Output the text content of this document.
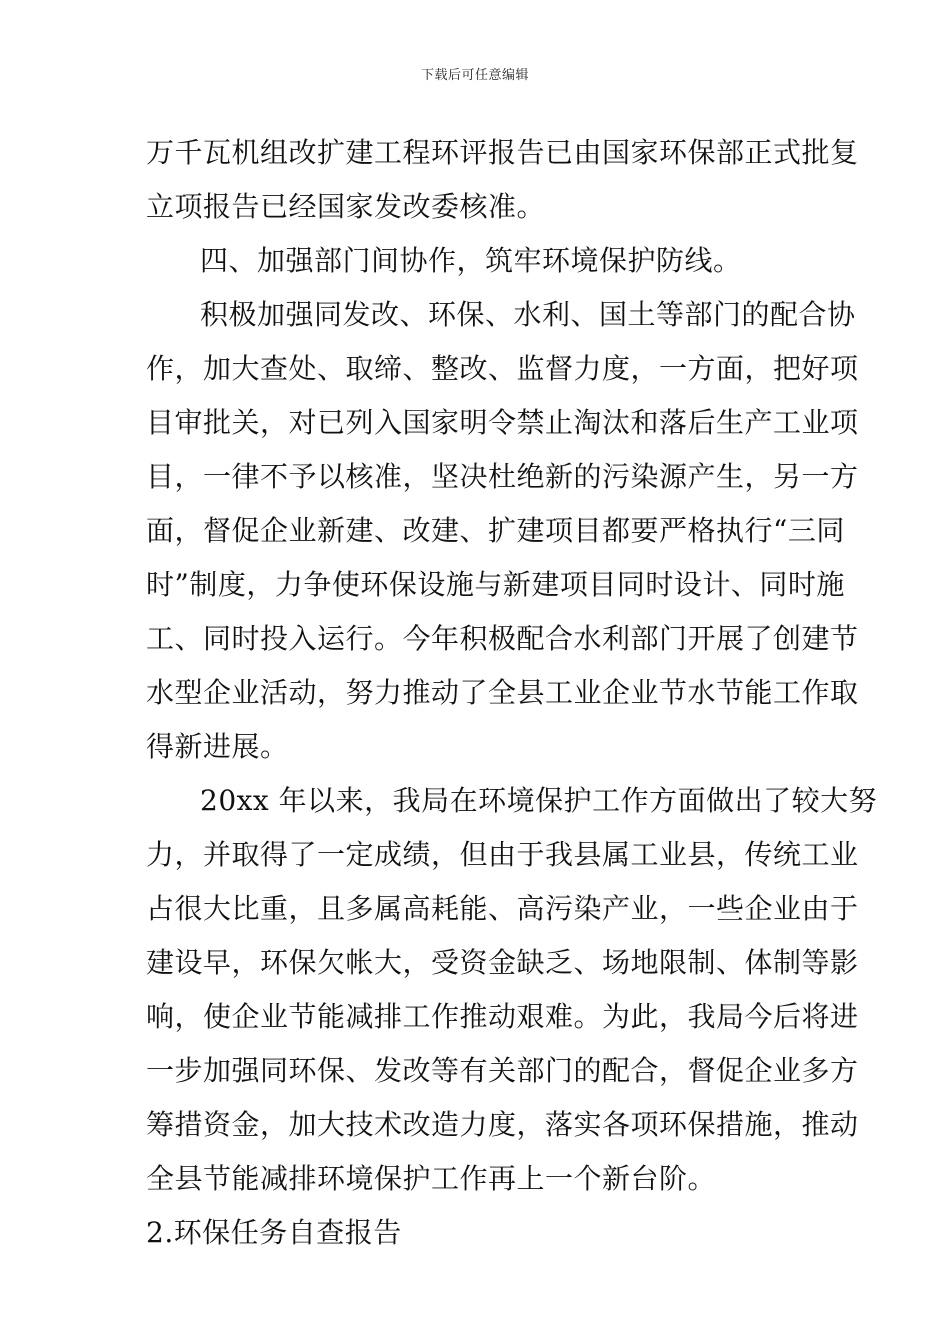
下载后可任意编辑
万千瓦机组改扩建工程环评报告已由国家环保部正式批复
立项报告已经国家发改委核准。
四、加强部门间协作，筑牢环境保护防线。
积极加强同发改、环保、水利、国土等部门的配合协
作，加大查处、取缔、整改、监督力度，一方面，把好项
目审批关，对已列入国家明令禁止淘汰和落后生产工业项
目，一律不予以核准，坚决杜绝新的污染源产生，另一方
面，督促企业新建、改建、扩建项目都要严格执行“三同
时”制度，力争使环保设施与新建项目同时设计、同时施
工、同时投入运行。今年积极配合水利部门开展了创建节
水型企业活动，努力推动了全县工业企业节水节能工作取
得新进展。
20xx 年以来，我局在环境保护工作方面做出了较大努
力，并取得了一定成绩，但由于我县属工业县，传统工业
占很大比重，且多属高耗能、高污染产业，一些企业由于
建设早，环保欠帐大，受资金缺乏、场地限制、体制等影
响，使企业节能减排工作推动艰难。为此，我局今后将进
一步加强同环保、发改等有关部门的配合，督促企业多方
筹措资金，加大技术改造力度，落实各项环保措施，推动
全县节能减排环境保护工作再上一个新台阶。
2.环保任务自查报告
